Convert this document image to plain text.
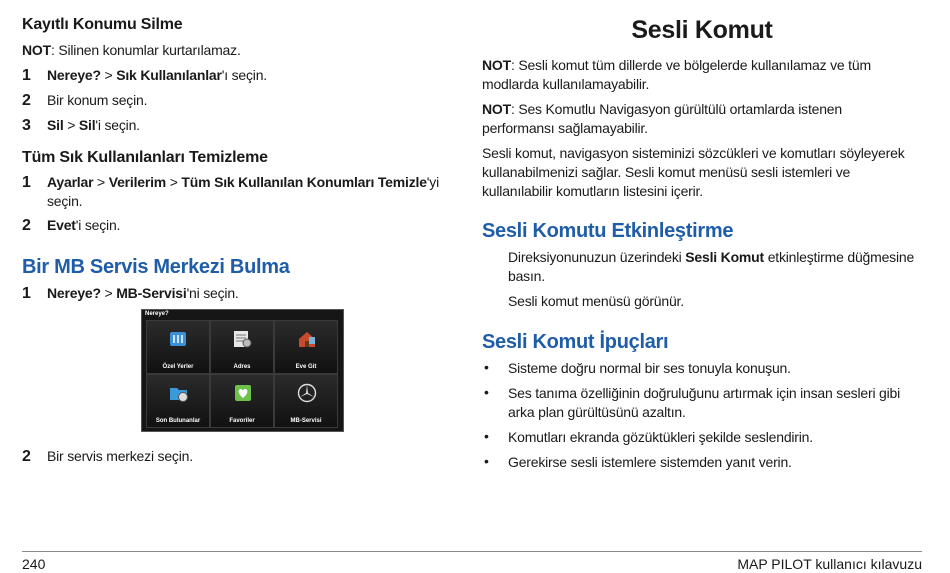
Kayıtlı Konumu Silme
NOT: Silinen konumlar kurtarılamaz.
1 Nereye? > Sık Kullanılanlar'ı seçin.
2 Bir konum seçin.
3 Sil > Sil'i seçin.
Tüm Sık Kullanılanları Temizleme
1 Ayarlar > Verilerim > Tüm Sık Kullanılan Konumları Temizle'yi
seçin.
2 Evet'i seçin.
Bir MB Servis Merkezi Bulma
1 Nereye? > MB-Servisi'ni seçin.
Nereye?
Özel Yerler	Adres	Eve Git
Son Bulunanlar	Favoriler	MB-Servisi
2 Bir servis merkezi seçin.
Sesli Komut
NOT: Sesli komut tüm dillerde ve bölgelerde kullanılamaz ve tüm
modlarda kullanılamayabilir.
NOT: Ses Komutlu Navigasyon gürültülü ortamlarda istenen
performansı sağlamayabilir.
Sesli komut, navigasyon sisteminizi sözcükleri ve komutları söyleyerek
kullanabilmenizi sağlar. Sesli komut menüsü sesli istemleri ve
kullanılabilir komutların listesini içerir.
Sesli Komutu Etkinleştirme
Direksiyonunuzun üzerindeki Sesli Komut etkinleştirme düğmesine
basın.
Sesli komut menüsü görünür.
Sesli Komut İpuçları
• Sisteme doğru normal bir ses tonuyla konuşun.
• Ses tanıma özelliğinin doğruluğunu artırmak için insan sesleri gibi
arka plan gürültüsünü azaltın.
• Komutları ekranda gözüktükleri şekilde seslendirin.
• Gerekirse sesli istemlere sistemden yanıt verin.
240	MAP PILOT kullanıcı kılavuzu
